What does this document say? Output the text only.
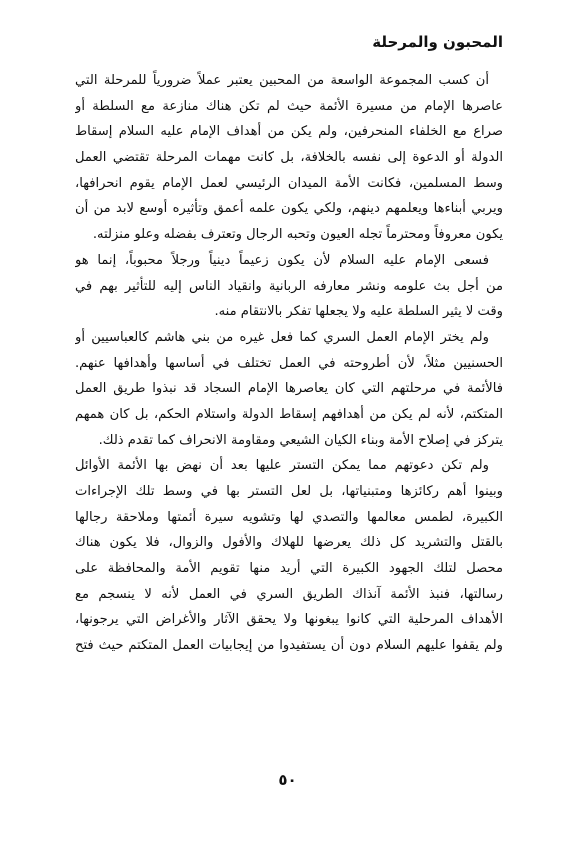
المحبون والمرحلة
أن كسب المجموعة الواسعة من المحبين يعتبر عملاً ضرورياً للمرحلة التي
عاصرها الإمام من مسيرة الأئمة حيث لم تكن هناك منازعة مع السلطة أو
صراع مع الخلفاء المنحرفين، ولم يكن من أهداف الإمام عليه السلام إسقاط
الدولة أو الدعوة إلى نفسه بالخلافة، بل كانت مهمات المرحلة تقتضي العمل
وسط المسلمين، فكانت الأمة الميدان الرئيسي لعمل الإمام يقوم انحرافها،
ويربي أبناءها ويعلمهم دينهم، ولكي يكون علمه أعمق وتأثيره أوسع لابد من أن
يكون معروفاً ومحترماً تجله العيون وتحبه الرجال وتعترف بفضله وعلو منزلته.
فسعى الإمام عليه السلام لأن يكون زعيماً دينياً ورجلاً محبوباً، إنما هو
من أجل بث علومه ونشر معارفه الربانية وانقياد الناس إليه للتأثير بهم في
وقت لا يثير السلطة عليه ولا يجعلها تفكر بالانتقام منه.
ولم يختر الإمام العمل السري كما فعل غيره من بني هاشم كالعباسيين أو
الحسنيين مثلاً، لأن أطروحته في العمل تختلف في أساسها وأهدافها عنهم.
فالأئمة في مرحلتهم التي كان يعاصرها الإمام السجاد قد نبذوا طريق العمل
المتكتم، لأنه لم يكن من أهدافهم إسقاط الدولة واستلام الحكم، بل كان همهم
يتركز في إصلاح الأمة وبناء الكيان الشيعي ومقاومة الانحراف كما تقدم ذلك.
ولم تكن دعوتهم مما يمكن التستر عليها بعد أن نهض بها الأئمة الأوائل
وبينوا أهم ركائزها ومتبنياتها، بل لعل التستر بها في وسط تلك الإجراءات
الكبيرة، لطمس معالمها والتصدي لها وتشويه سيرة أئمتها وملاحقة رجالها
بالقتل والتشريد كل ذلك يعرضها للهلاك والأفول والزوال، فلا يكون هناك
محصل لتلك الجهود الكبيرة التي أريد منها تقويم الأمة والمحافظة على
رسالتها، فنبذ الأئمة آنذاك الطريق السري في العمل لأنه لا ينسجم مع
الأهداف المرحلية التي كانوا يبغونها ولا يحقق الآثار والأغراض التي يرجونها،
ولم يقفوا عليهم السلام دون أن يستفيدوا من إيجابيات العمل المتكتم حيث فتح
٥٠
